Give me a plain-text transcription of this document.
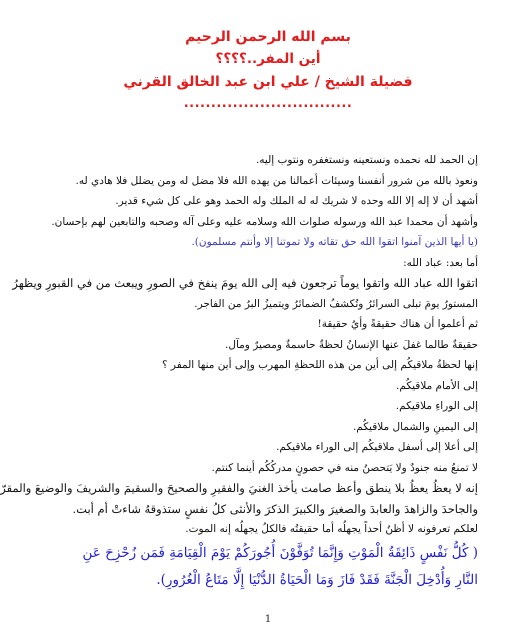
بسم الله الرحمن الرحيم
أين المفر..؟؟؟؟
فضيلة الشيخ / علي ابن عبد الخالق القرني
...............................
إن الحمد لله نحمده ونستعينه ونستغفره ونتوب إليه.
ونعوذ بالله من شرور أنفسنا وسيئات أعمالنا من يهده الله فلا مضل له ومن يضلل فلا هادي له.
أشهد أن لا إله إلا الله وحده لا شريك له له الملك وله الحمد وهو على كل شيء قدير.
وأشهد أن محمدا عبد الله ورسوله صلوات الله وسلامه عليه وعلى آله وصحبه والتابعين لهم بإحسان.
(يا أيها الذين آمنوا اتقوا الله حق تقاته ولا تموتنا إلا وأنتم مسلمون).
أما بعد: عباد الله:
اتقوا الله عباد الله واتقوا يوماً ترجعون فيه إلى الله يومَ ينفخ في الصورِ ويبعث من في القبورِ ويظهرُ
المستورُ يومَ تبلى السرائرُ وتُكشفُ الضمائرُ ويتميزُ البرُ من الفاجر.
ثم أعلموا أن هناك حقيقةً وأيُ حقيقة!
حقيقةٌ طالما غفلَ عنها الإنسانُ لحظةٌ حاسمةٌ ومصيرٌ ومآل.
إنها لحظةُ ملاقيكُم إلى أين من هذه اللحظةِ المهرب وإلى أين منها المفر ؟
إلى الأمام ملاقيكُم.
إلى الوراءِ ملاقيكم.
إلى اليمينِ والشمال ملاقيكُم.
إلى أعلا إلى أسفل ملاقيكُم إلى الوراء ملاقيكم.
لا تمنعُ منه جنودٌ ولا يَتحصنُ منه في حصونٍ مدركُكُم أينما كنتم.
إنه لا يعظُ يعظُ بلا ينطق وأعظ صامت يأخذ الغنيَ والفقيرِ والصحيحَ والسقيمَ والشريفَ والوضيعَ والمقرّ
والجاحدَ والزاهدَ والعابدَ والصغيرَ والكبيرَ الذكرَ والأنثى كلُ نفسٍ ستذوقهُ شاءتْ أم أبت.
لعلكم تعرفونه لا أظنُ أحداً يجهلُه أما حقيقتُه فالكلُ يجهلُه إنه الموت.
( كُلُّ نَفْسٍ ذَائِقَةُ الْمَوْتِ وَإِنَّمَا تُوَفَّوْنَ أُجُورَكُمْ يَوْمَ الْقِيَامَةِ فَمَن زُحْزِحَ عَنِ
النَّارِ وَأُدْخِلَ الْجَنَّةَ فَقَدْ فَازَ وَمَا الْحَيَاةُ الدُّنْيَا إِلَّا مَتَاعُ الْغُرُورِ).
1
